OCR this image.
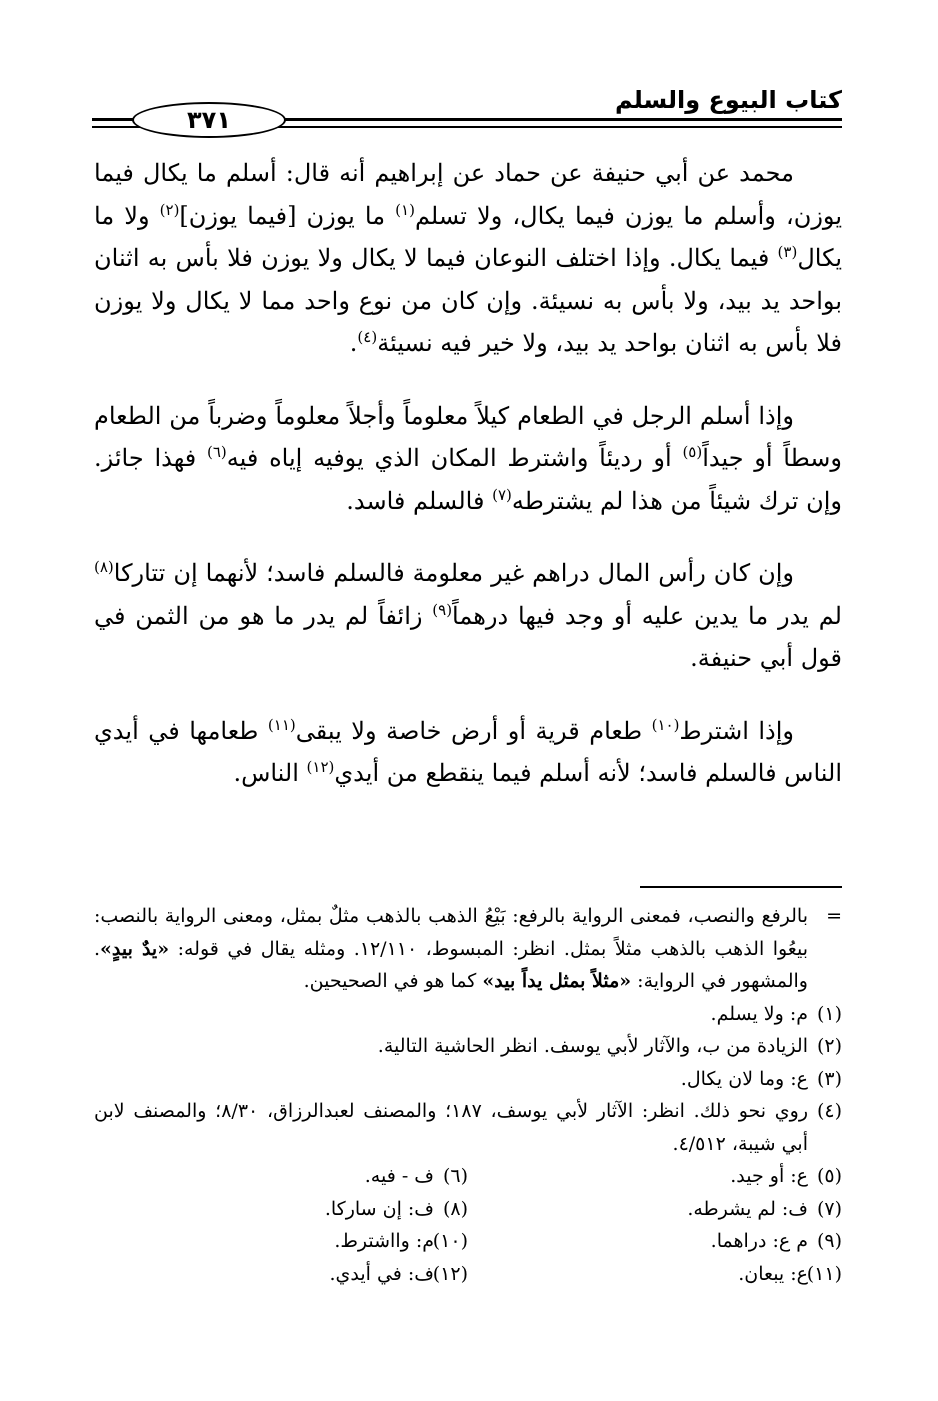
كتاب البيوع والسلم
٣٧١

محمد عن أبي حنيفة عن حماد عن إبراهيم أنه قال: أسلم ما يكال فيما يوزن، وأسلم ما يوزن فيما يكال، ولا تسلم$^{(١)}$ ما يوزن [فيما يوزن]$^{(٢)}$ ولا ما يكال$^{(٣)}$ فيما يكال. وإذا اختلف النوعان فيما لا يكال ولا يوزن فلا بأس به اثنان بواحد يد بيد، ولا بأس به نسيئة. وإن كان من نوع واحد مما لا يكال ولا يوزن فلا بأس به اثنان بواحد يد بيد، ولا خير فيه نسيئة$^{(٤)}$.

وإذا أسلم الرجل في الطعام كيلاً معلوماً وأجلاً معلوماً وضرباً من الطعام وسطاً أو جيداً$^{(٥)}$ أو رديئاً واشترط المكان الذي يوفيه إياه فيه$^{(٦)}$ فهذا جائز. وإن ترك شيئاً من هذا لم يشترطه$^{(٧)}$ فالسلم فاسد.

وإن كان رأس المال دراهم غير معلومة فالسلم فاسد؛ لأنهما إن تتاركا$^{(٨)}$ لم يدر ما يدين عليه أو وجد فيها درهماً$^{(٩)}$ زائفاً لم يدر ما هو من الثمن في قول أبي حنيفة.

وإذا اشترط$^{(١٠)}$ طعام قرية أو أرض خاصة ولا يبقى$^{(١١)}$ طعامها في أيدي الناس فالسلم فاسد؛ لأنه أسلم فيما ينقطع من أيدي$^{(١٢)}$ الناس.

=
بالرفع والنصب، فمعنى الرواية بالرفع: بَيْعُ الذهب بالذهب مثلٌ بمثل، ومعنى الرواية بالنصب: بيعُوا الذهب بالذهب مثلاً بمثل. انظر: المبسوط، ١٢/١١٠. ومثله يقال في قوله: «يدٌ بيدٍ». والمشهور في الرواية: «مثلاً بمثل يداً بيد» كما هو في الصحيحين.

(١)
م: ولا يسلم.

(٢)
الزيادة من ب، والآثار لأبي يوسف. انظر الحاشية التالية.

(٣)
ع: وما لان يكال.

(٤)
روي نحو ذلك. انظر: الآثار لأبي يوسف، ١٨٧؛ والمصنف لعبدالرزاق، ٨/٣٠؛ والمصنف لابن أبي شيبة، ٤/٥١٢.

(٥)
ع: أو جيد.
(٦)
ف - فيه.
(٧)
ف: لم يشرطه.
(٨)
ف: إن ساركا.
(٩)
م ع: دراهما.
(١٠)
م: وااشترط.
(١١)
ع: يبعان.
(١٢)
ف: في أيدي.
